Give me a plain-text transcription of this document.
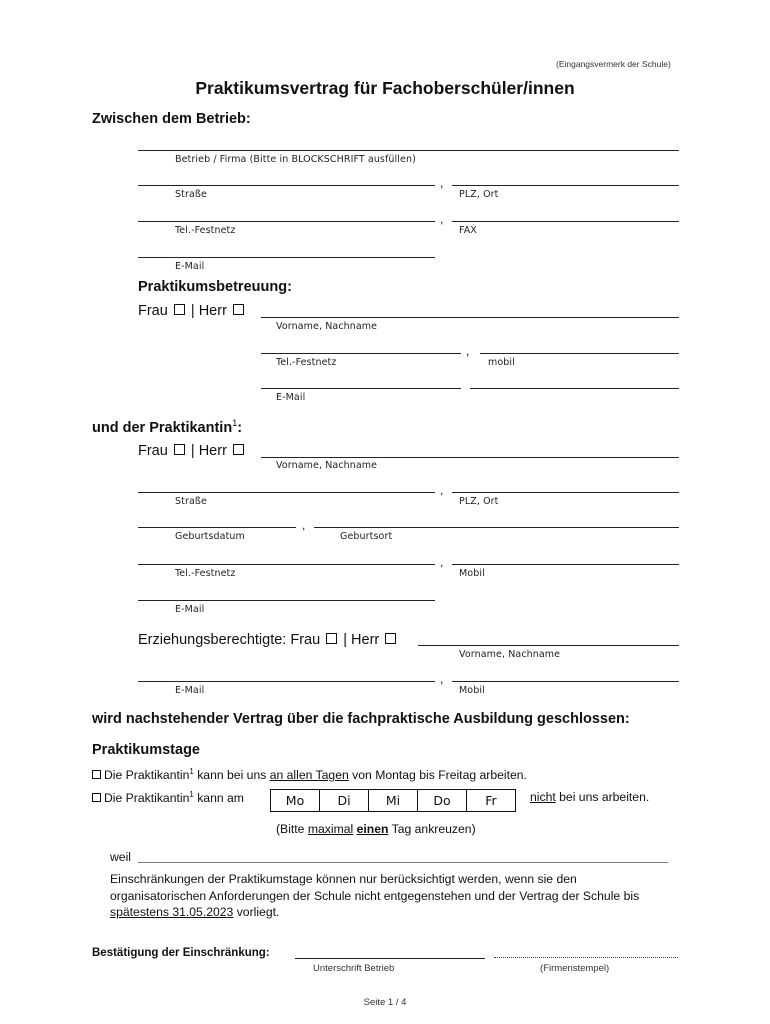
(Eingangsvermerk der Schule)
Praktikumsvertrag für Fachoberschüler/innen
Zwischen dem Betrieb:
Betrieb / Firma (Bitte in BLOCKSCHRIFT ausfüllen)
,
Straße	PLZ, Ort
,
Tel.-Festnetz	FAX
E-Mail
Praktikumsbetreuung:
Frau | Herr
Vorname, Nachname
,
Tel.-Festnetz	mobil
E-Mail
und der Praktikantin$^1$:
Frau | Herr
Vorname, Nachname
,
Straße	PLZ, Ort
,
Geburtsdatum	Geburtsort
,
Tel.-Festnetz	Mobil
E-Mail
Erziehungsberechtigte: Frau | Herr
Vorname, Nachname
,
E-Mail	Mobil
wird nachstehender Vertrag über die fachpraktische Ausbildung geschlossen:
Praktikumstage
Die Praktikantin$^1$ kann bei uns an allen Tagen von Montag bis Freitag arbeiten.
Die Praktikantin$^1$ kann am	Mo	Di	Mi	Do	Fr	nicht bei uns arbeiten.
(Bitte maximal einen Tag ankreuzen)
weil
Einschränkungen der Praktikumstage können nur berücksichtigt werden, wenn sie den
organisatorischen Anforderungen der Schule nicht entgegenstehen und der Vertrag der Schule bis
spätestens 31.05.2023 vorliegt.
Bestätigung der Einschränkung:
Unterschrift Betrieb	(Firmenstempel)
Seite 1 / 4
